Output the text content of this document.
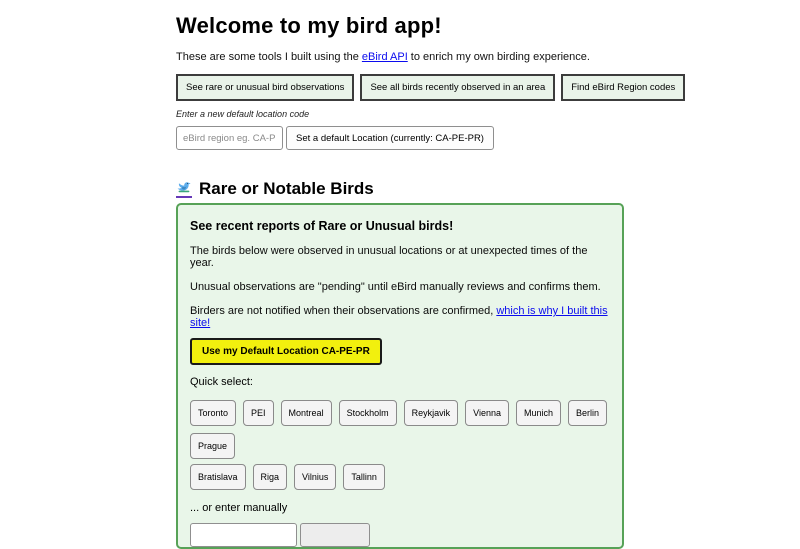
Welcome to my bird app!

These are some tools I built using the eBird API to enrich my own birding experience.

See rare or unusual bird observations	See all birds recently observed in an area	Find eBird Region codes

Enter a new default location code

eBird region eg. CA-PE-PR
Set a default Location (currently: CA-PE-PR)
Rare or Notable Birds

See recent reports of Rare or Unusual birds!

The birds below were observed in unusual locations or at unexpected times of the year.

Unusual observations are "pending" until eBird manually reviews and confirms them.

Birders are not notified when their observations are confirmed, which is why I built this site!

Use my Default Location CA-PE-PR

Quick select:

Toronto	PEI	Montreal	Stockholm	Reykjavik	Vienna	Munich	Berlin
Prague
Bratislava	Riga	Vilnius	Tallinn

... or enter manually
